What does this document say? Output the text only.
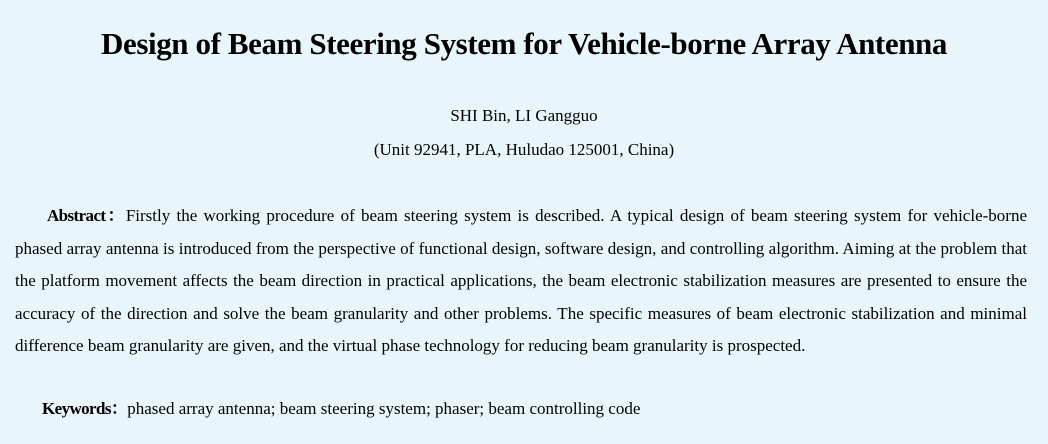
Design of Beam Steering System for Vehicle-borne Array Antenna
SHI Bin, LI Gangguo
(Unit 92941, PLA, Huludao 125001, China)

Abstract：Firstly the working procedure of beam steering system is described. A typical design of beam steering system for vehicle-borne phased array antenna is introduced from the perspective of functional design, software design, and controlling algorithm. Aiming at the problem that the platform movement affects the beam direction in practical applications, the beam electronic stabilization measures are presented to ensure the accuracy of the direction and solve the beam granularity and other problems. The specific measures of beam electronic stabilization and minimal difference beam granularity are given, and the virtual phase technology for reducing beam granularity is prospected.

Keywords：phased array antenna; beam steering system; phaser; beam controlling code
